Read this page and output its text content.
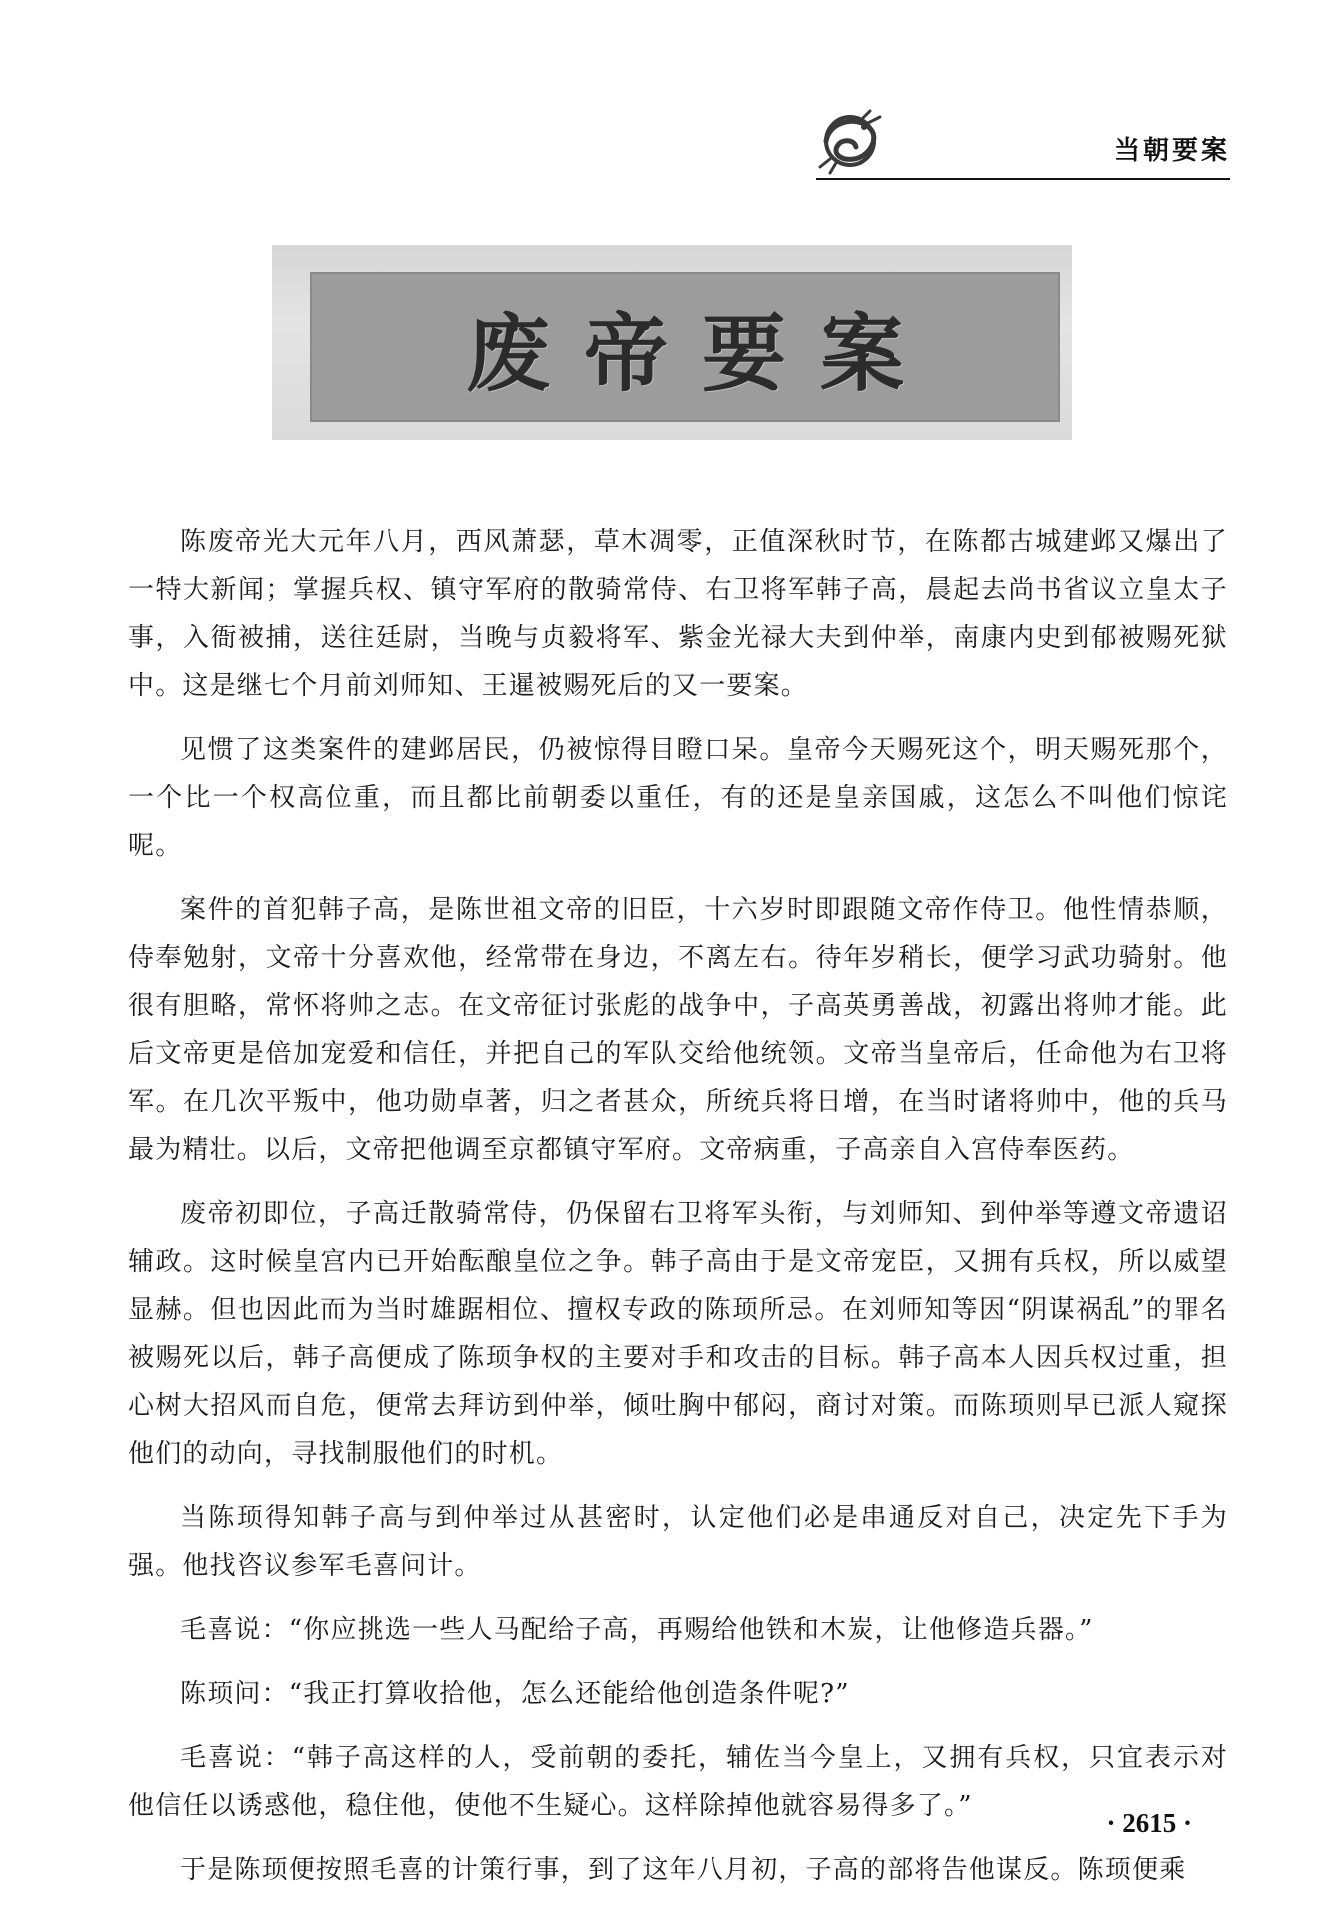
当朝要案
废帝要案

陈废帝光大元年八月，西风萧瑟，草木凋零，正值深秋时节，在陈都古城建邺又爆出了一特大新闻；掌握兵权、镇守军府的散骑常侍、右卫将军韩子高，晨起去尚书省议立皇太子事，入衙被捕，送往廷尉，当晚与贞毅将军、紫金光禄大夫到仲举，南康内史到郁被赐死狱中。这是继七个月前刘师知、王暹被赐死后的又一要案。

见惯了这类案件的建邺居民，仍被惊得目瞪口呆。皇帝今天赐死这个，明天赐死那个，一个比一个权高位重，而且都比前朝委以重任，有的还是皇亲国戚，这怎么不叫他们惊诧呢。

案件的首犯韩子高，是陈世祖文帝的旧臣，十六岁时即跟随文帝作侍卫。他性情恭顺，侍奉勉射，文帝十分喜欢他，经常带在身边，不离左右。待年岁稍长，便学习武功骑射。他很有胆略，常怀将帅之志。在文帝征讨张彪的战争中，子高英勇善战，初露出将帅才能。此后文帝更是倍加宠爱和信任，并把自己的军队交给他统领。文帝当皇帝后，任命他为右卫将军。在几次平叛中，他功勋卓著，归之者甚众，所统兵将日增，在当时诸将帅中，他的兵马最为精壮。以后，文帝把他调至京都镇守军府。文帝病重，子高亲自入宫侍奉医药。

废帝初即位，子高迁散骑常侍，仍保留右卫将军头衔，与刘师知、到仲举等遵文帝遗诏辅政。这时候皇宫内已开始酝酿皇位之争。韩子高由于是文帝宠臣，又拥有兵权，所以威望显赫。但也因此而为当时雄踞相位、擅权专政的陈顼所忌。在刘师知等因“阴谋祸乱”的罪名被赐死以后，韩子高便成了陈顼争权的主要对手和攻击的目标。韩子高本人因兵权过重，担心树大招风而自危，便常去拜访到仲举，倾吐胸中郁闷，商讨对策。而陈顼则早已派人窥探他们的动向，寻找制服他们的时机。

当陈顼得知韩子高与到仲举过从甚密时，认定他们必是串通反对自己，决定先下手为强。他找咨议参军毛喜问计。

毛喜说：“你应挑选一些人马配给子高，再赐给他铁和木炭，让他修造兵器。”

陈顼问：“我正打算收拾他，怎么还能给他创造条件呢?”

毛喜说：“韩子高这样的人，受前朝的委托，辅佐当今皇上，又拥有兵权，只宜表示对他信任以诱惑他，稳住他，使他不生疑心。这样除掉他就容易得多了。”

于是陈顼便按照毛喜的计策行事，到了这年八月初，子高的部将告他谋反。陈顼便乘

· 2615 ·
